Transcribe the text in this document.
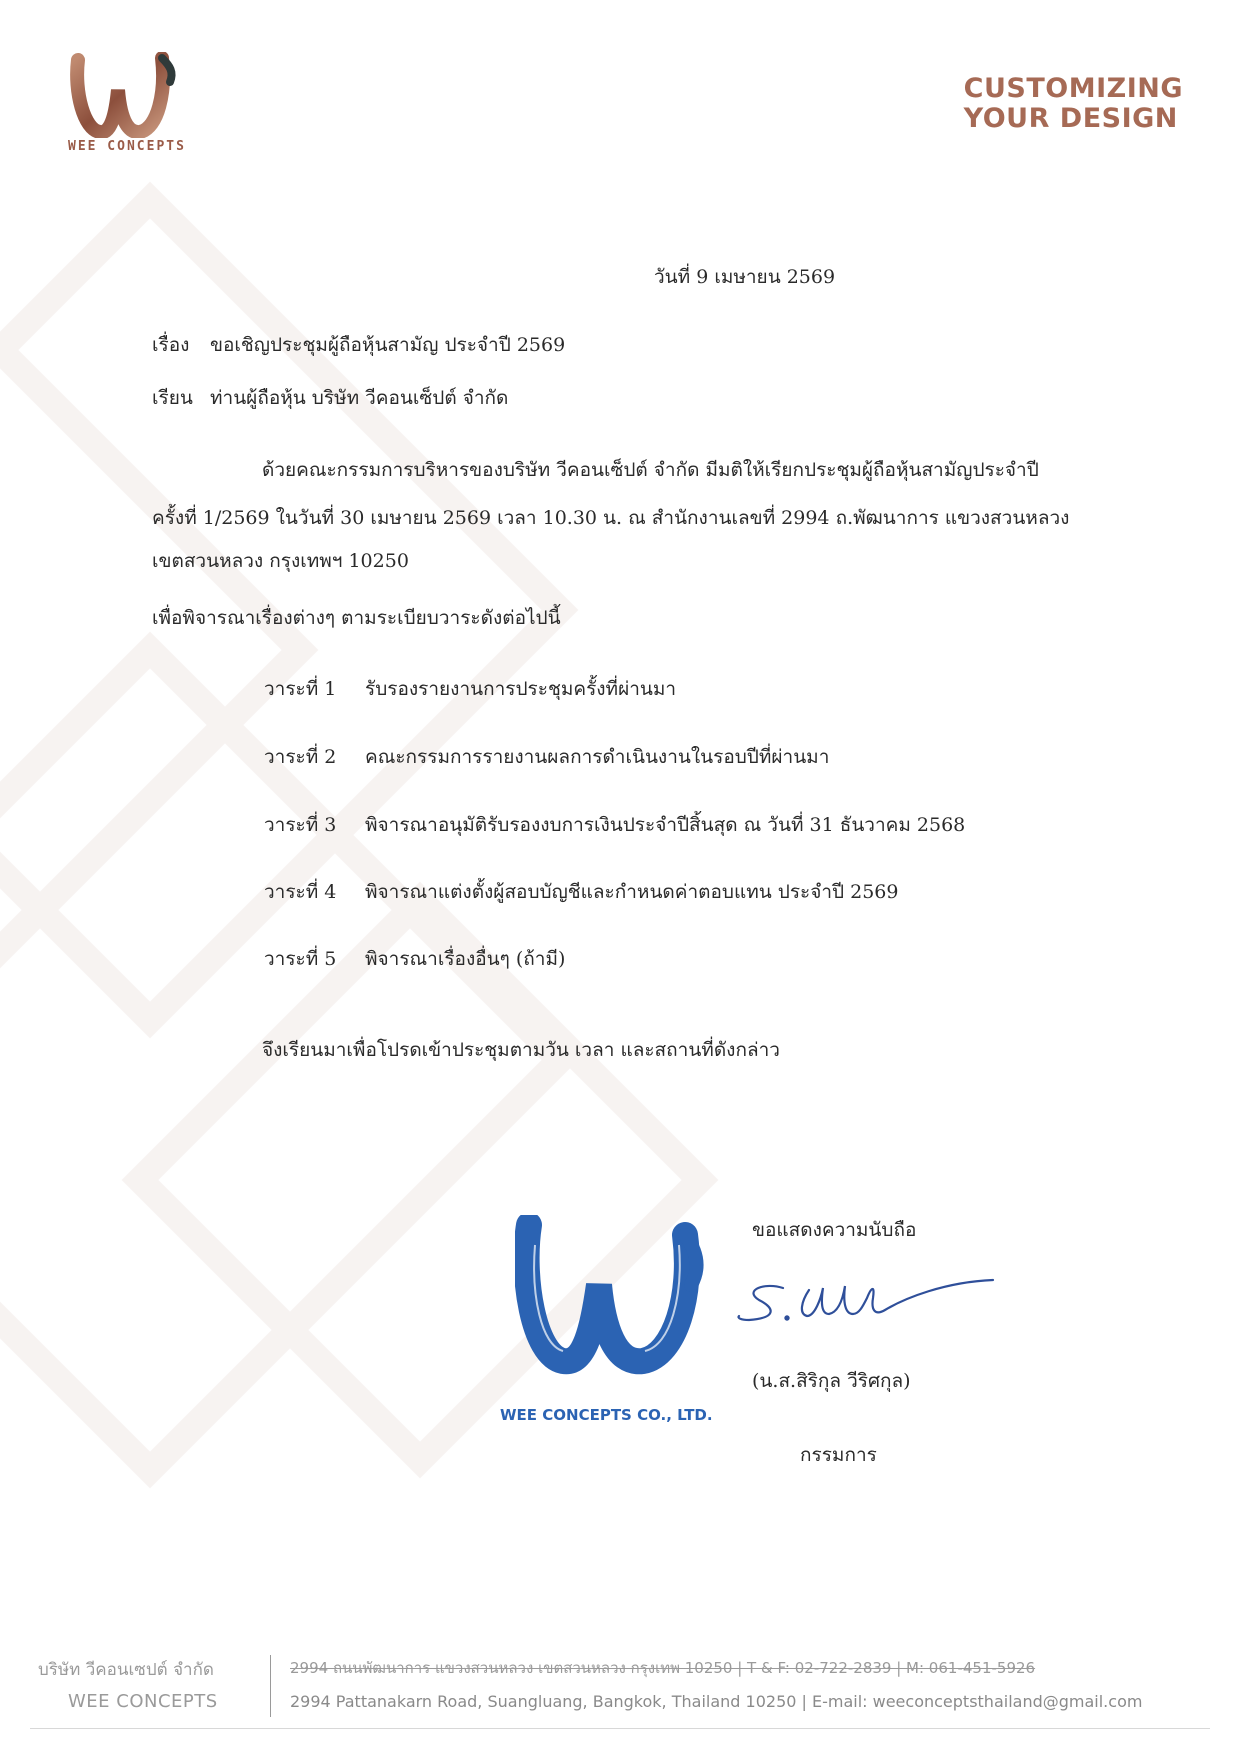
WEE CONCEPTS
CUSTOMIZING
YOUR DESIGN
วันที่ 9 เมษายน 2569
เรื่อง ขอเชิญประชุมผู้ถือหุ้นสามัญ ประจำปี 2569
เรียน ท่านผู้ถือหุ้น บริษัท วีคอนเซ็ปต์ จำกัด
ด้วยคณะกรรมการบริหารของบริษัท วีคอนเซ็ปต์ จำกัด มีมติให้เรียกประชุมผู้ถือหุ้นสามัญประจำปี
ครั้งที่ 1/2569 ในวันที่ 30 เมษายน 2569 เวลา 10.30 น. ณ สำนักงานเลขที่ 2994 ถ.พัฒนาการ แขวงสวนหลวง
เขตสวนหลวง กรุงเทพฯ 10250
เพื่อพิจารณาเรื่องต่างๆ ตามระเบียบวาระดังต่อไปนี้
วาระที่ 1 รับรองรายงานการประชุมครั้งที่ผ่านมา
วาระที่ 2 คณะกรรมการรายงานผลการดำเนินงานในรอบปีที่ผ่านมา
วาระที่ 3 พิจารณาอนุมัติรับรองงบการเงินประจำปีสิ้นสุด ณ วันที่ 31 ธันวาคม 2568
วาระที่ 4 พิจารณาแต่งตั้งผู้สอบบัญชีและกำหนดค่าตอบแทน ประจำปี 2569
วาระที่ 5 พิจารณาเรื่องอื่นๆ (ถ้ามี)
จึงเรียนมาเพื่อโปรดเข้าประชุมตามวัน เวลา และสถานที่ดังกล่าว
WEE CONCEPTS CO., LTD.
ขอแสดงความนับถือ
(น.ส.สิริกุล วีริศกุล)
กรรมการ
บริษัท วีคอนเซปต์ จำกัด
WEE CONCEPTS
2994 ถนนพัฒนาการ แขวงสวนหลวง เขตสวนหลวง กรุงเทพ 10250 | T & F: 02-722-2839 | M: 061-451-5926
2994 Pattanakarn Road, Suangluang, Bangkok, Thailand 10250 | E-mail: weeconceptsthailand@gmail.com
